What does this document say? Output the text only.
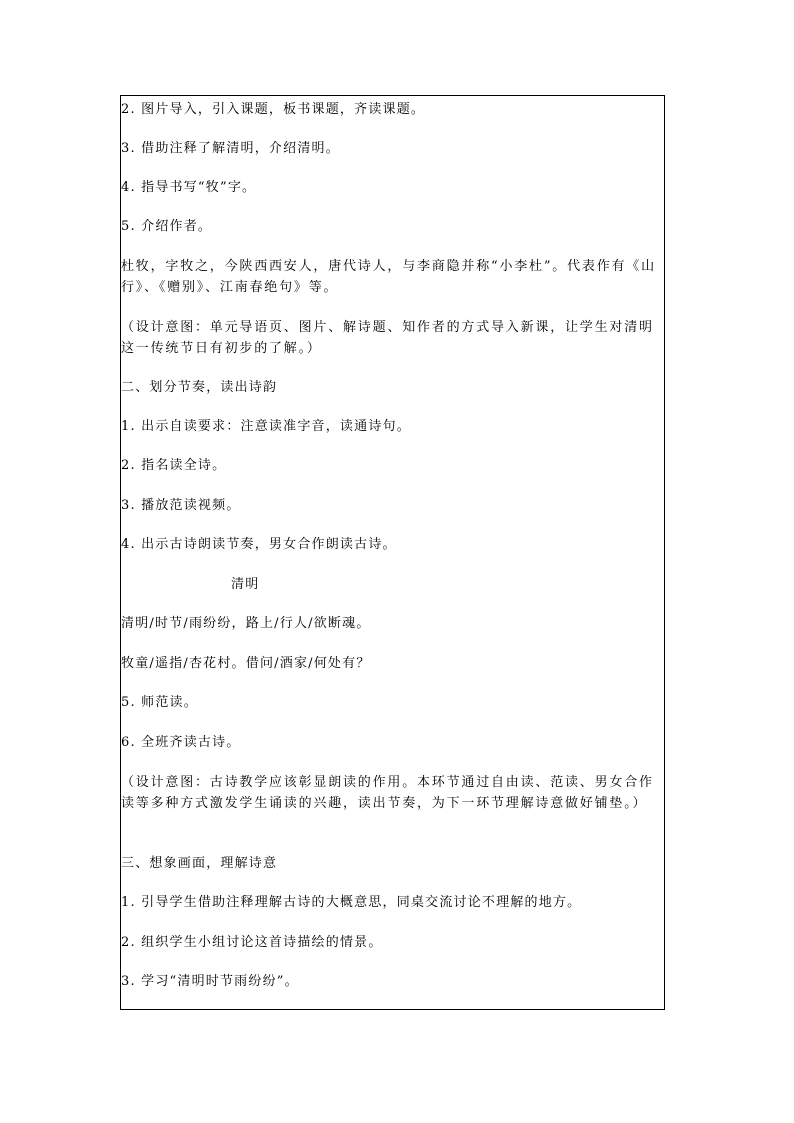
2. 图片导入，引入课题，板书课题，齐读课题。
3. 借助注释了解清明，介绍清明。
4. 指导书写“牧”字。
5. 介绍作者。
杜牧，字牧之，今陕西西安人，唐代诗人，与李商隐并称“小李杜”。代表作有《山行》、《赠别》、江南春绝句》等。
（设计意图：单元导语页、图片、解诗题、知作者的方式导入新课，让学生对清明这一传统节日有初步的了解。）
二、划分节奏，读出诗韵
1. 出示自读要求：注意读准字音，读通诗句。
2. 指名读全诗。
3. 播放范读视频。
4. 出示古诗朗读节奏，男女合作朗读古诗。
清明
清明/时节/雨纷纷，路上/行人/欲断魂。
牧童/遥指/杏花村。借问/酒家/何处有？
5. 师范读。
6. 全班齐读古诗。
（设计意图：古诗教学应该彰显朗读的作用。本环节通过自由读、范读、男女合作读等多种方式激发学生诵读的兴趣，读出节奏，为下一环节理解诗意做好铺垫。）
三、想象画面，理解诗意
1. 引导学生借助注释理解古诗的大概意思，同桌交流讨论不理解的地方。
2. 组织学生小组讨论这首诗描绘的情景。
3. 学习“清明时节雨纷纷”。
